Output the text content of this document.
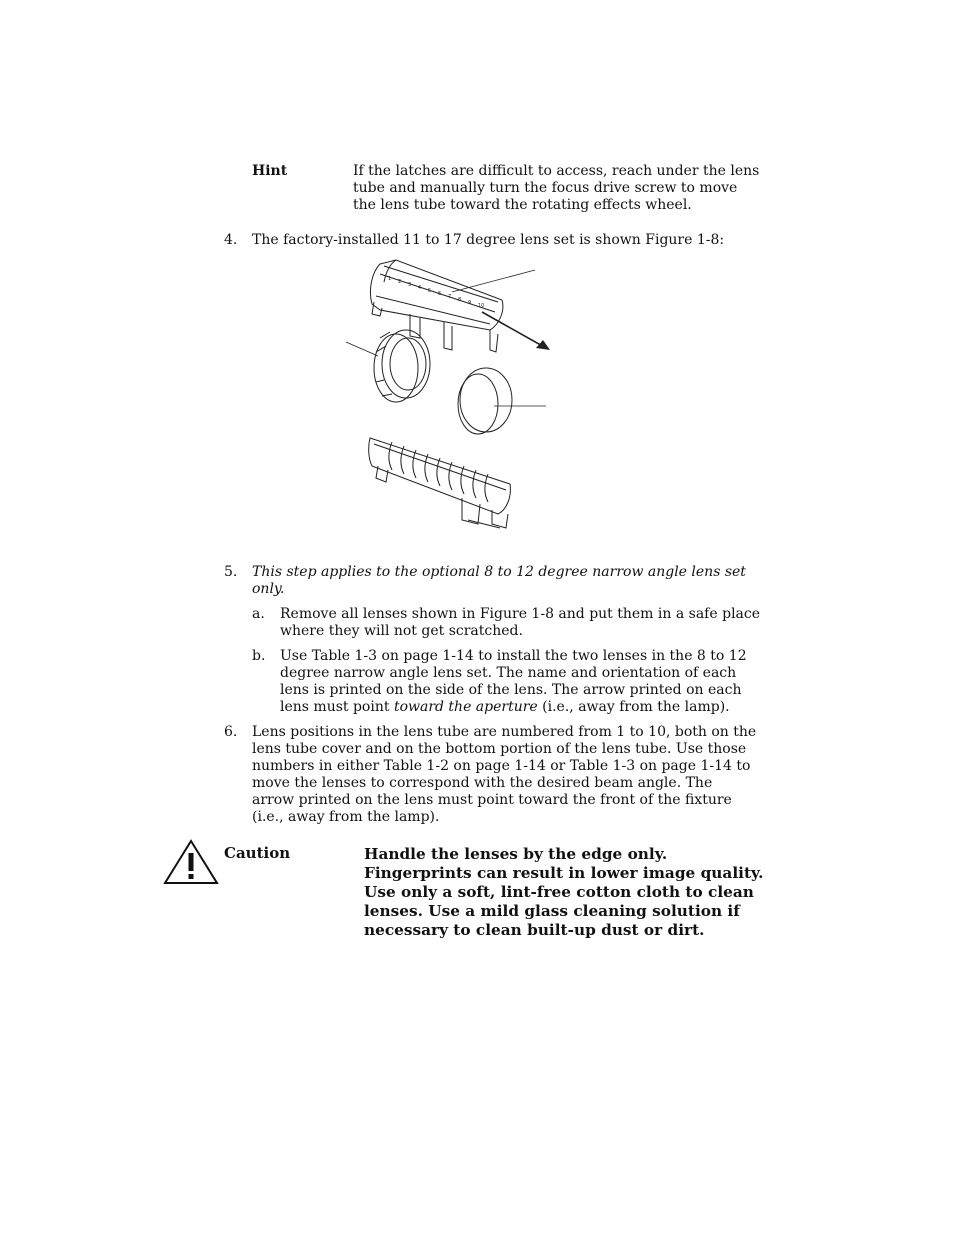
Hint	If the latches are difficult to access, reach under the lens tube and manually turn the focus drive screw to move the lens tube toward the rotating effects wheel.
4. The factory-installed 11 to 17 degree lens set is shown Figure 1-8:
1 2 3 4 5 6 7 8 9 10
5. This step applies to the optional 8 to 12 degree narrow angle lens set only.
a. Remove all lenses shown in Figure 1-8 and put them in a safe place where they will not get scratched.
b. Use Table 1-3 on page 1-14 to install the two lenses in the 8 to 12 degree narrow angle lens set. The name and orientation of each lens is printed on the side of the lens. The arrow printed on each lens must point toward the aperture (i.e., away from the lamp).
6. Lens positions in the lens tube are numbered from 1 to 10, both on the lens tube cover and on the bottom portion of the lens tube. Use those numbers in either Table 1-2 on page 1-14 or Table 1-3 on page 1-14 to move the lenses to correspond with the desired beam angle. The arrow printed on the lens must point toward the front of the fixture (i.e., away from the lamp).
Caution	Handle the lenses by the edge only. Fingerprints can result in lower image quality. Use only a soft, lint-free cotton cloth to clean lenses. Use a mild glass cleaning solution if necessary to clean built-up dust or dirt.
